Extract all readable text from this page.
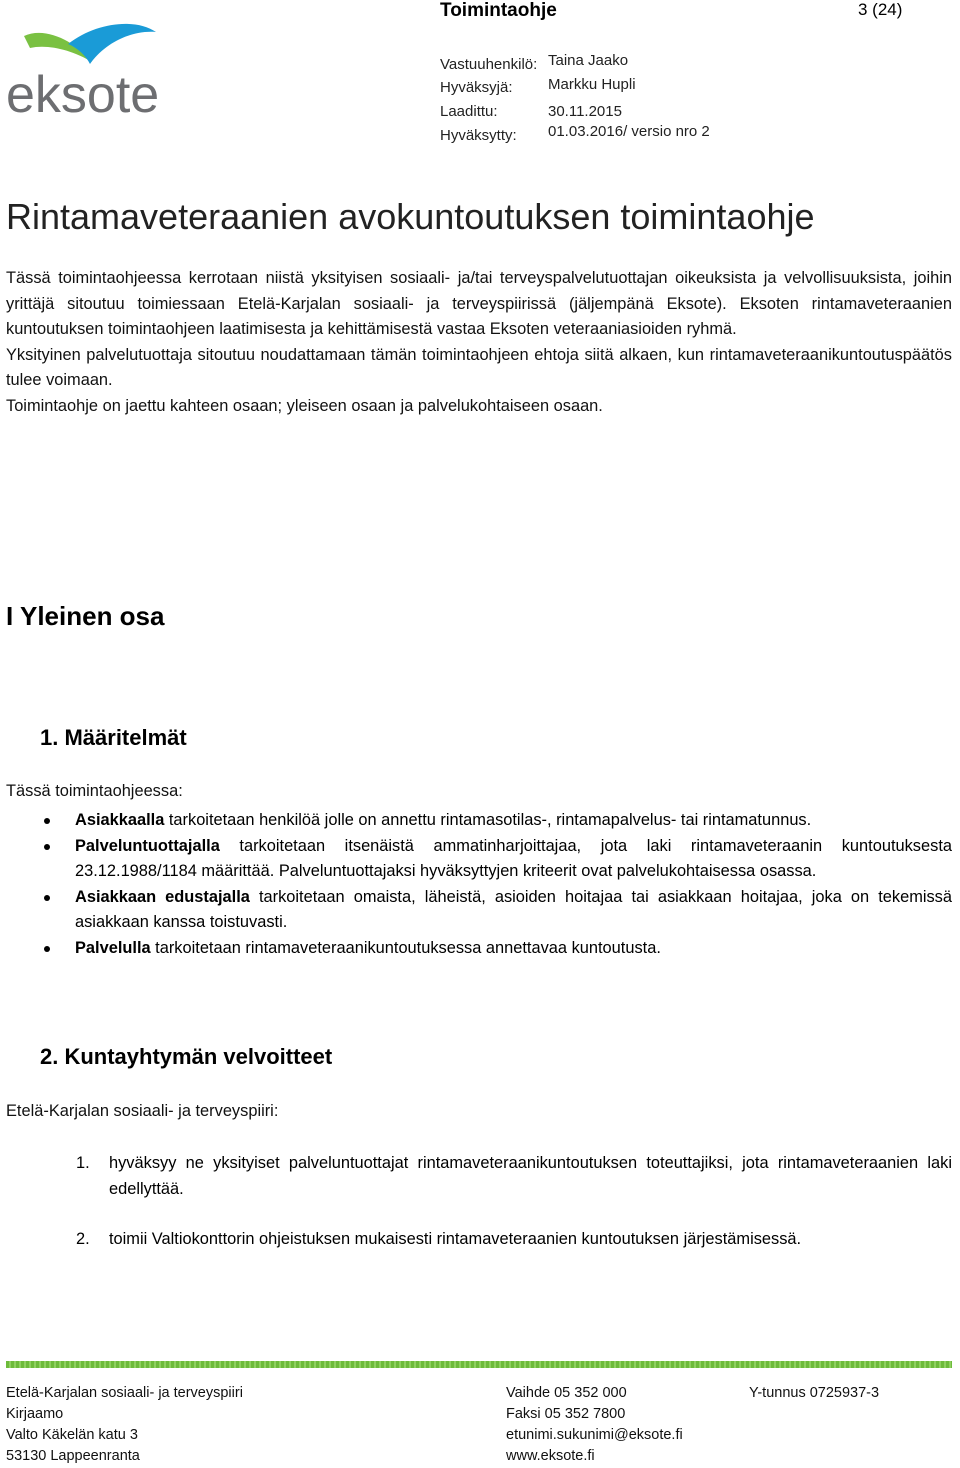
Toimintaohje	3 (24)
eksote
Vastuuhenkilö: Taina Jaako
Hyväksyjä: Markku Hupli
Laadittu:	30.11.2015
Hyväksytty: 01.03.2016/ versio nro 2
Rintamaveteraanien avokuntoutuksen toimintaohje

Tässä toimintaohjeessa kerrotaan niistä yksityisen sosiaali- ja/tai terveyspalvelutuottajan oikeuksista ja velvollisuuksista, joihin yrittäjä sitoutuu toimiessaan Etelä-Karjalan sosiaali- ja terveyspiirissä (jäljempänä Eksote). Eksoten rintamaveteraanien kuntoutuksen toimintaohjeen laatimisesta ja kehittämisestä vastaa Eksoten veteraaniasioiden ryhmä.

Yksityinen palvelutuottaja sitoutuu noudattamaan tämän toimintaohjeen ehtoja siitä alkaen, kun rintamaveteraanikuntoutuspäätös tulee voimaan.

Toimintaohje on jaettu kahteen osaan; yleiseen osaan ja palvelukohtaiseen osaan.

I Yleinen osa
1. Määritelmät
Tässä toimintaohjeessa:
Asiakkaalla tarkoitetaan henkilöä jolle on annettu rintamasotilas-, rintamapalvelus- tai rintamatunnus.
Palveluntuottajalla tarkoitetaan itsenäistä ammatinharjoittajaa, jota laki rintamaveteraanin kuntoutuksesta 23.12.1988/1184 määrittää. Palveluntuottajaksi hyväksyttyjen kriteerit ovat palvelukohtaisessa osassa.
Asiakkaan edustajalla tarkoitetaan omaista, läheistä, asioiden hoitajaa tai asiakkaan hoitajaa, joka on tekemissä asiakkaan kanssa toistuvasti.
Palvelulla tarkoitetaan rintamaveteraanikuntoutuksessa annettavaa kuntoutusta.
2. Kuntayhtymän velvoitteet
Etelä-Karjalan sosiaali- ja terveyspiiri:
1. hyväksyy ne yksityiset palveluntuottajat rintamaveteraanikuntoutuksen toteuttajiksi, jota rintamaveteraanien laki edellyttää.
2. toimii Valtiokonttorin ohjeistuksen mukaisesti rintamaveteraanien kuntoutuksen järjestämisessä.
Etelä-Karjalan sosiaali- ja terveyspiiri
Kirjaamo
Valto Käkelän katu 3
53130 Lappeenranta
Vaihde 05 352 000
Faksi 05 352 7800
etunimi.sukunimi@eksote.fi
www.eksote.fi
Y-tunnus 0725937-3
